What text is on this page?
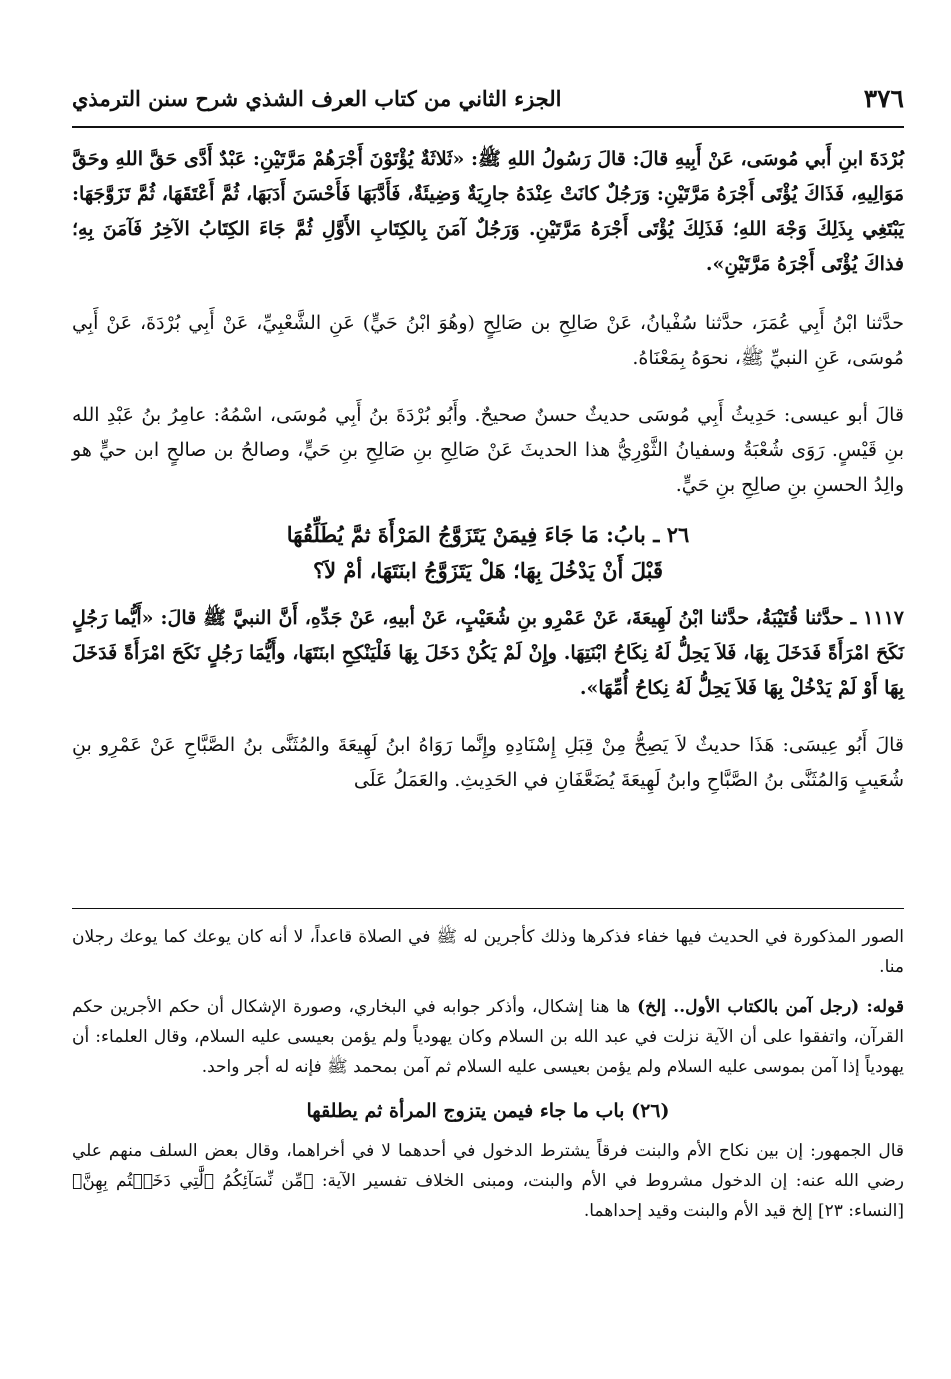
٣٧٦
الجزء الثاني من كتاب العرف الشذي شرح سنن الترمذي

بُرْدَةَ ابنِ أَبي مُوسَى، عَنْ أَبِيهِ قالَ: قالَ رَسُولُ اللهِ ﷺ: «ثَلاثَةٌ يُؤْتَوْنَ أَجْرَهُمْ مَرَّتَيْنِ: عَبْدٌ أَدَّى حَقَّ اللهِ وحَقَّ مَوَالِيهِ، فَذَاكَ يُؤْتَى أَجْرَهُ مَرَّتَيْنِ: وَرَجُلٌ كانَتْ عِنْدَهُ جارِيَةٌ وَضِيئَةٌ، فَأَدَّبَهَا فَأَحْسَنَ أَدَبَهَا، ثُمَّ أَعْتَقَهَا، ثُمَّ تَزَوَّجَهَا: يَبْتَغِي بِذَلِكَ وَجْهَ اللهِ؛ فَذَلِكَ يُؤْتَى أَجْرَهُ مَرَّتَيْنِ. وَرَجُلٌ آمَنَ بِالكِتَابِ الأَوَّلِ ثُمَّ جَاءَ الكِتَابُ الآخِرُ فَآمَنَ بِهِ؛ فذاكَ يُؤْتَى أَجْرَهُ مَرَّتَيْنِ».

حدَّثنا ابْنُ أَبِي عُمَرَ، حدَّثنا سُفْيانُ، عَنْ صَالِحِ بن صَالِحٍ (وهُوَ ابْنُ حَيٍّ) عَنِ الشَّعْبِيِّ، عَنْ أَبِي بُرْدَةَ، عَنْ أَبِي مُوسَى، عَنِ النبيِّ ﷺ، نحوَهُ بِمَعْنَاهُ.

قالَ أبو عيسى: حَدِيثُ أَبِي مُوسَى حديثٌ حسنٌ صحيحٌ. وأَبُو بُرْدَةَ بنُ أَبِي مُوسَى، اسْمُهُ: عامِرُ بنُ عَبْدِ الله بنِ قَيْسٍ. رَوَى شُعْبَةُ وسفيانُ الثَّوْرِيُّ هذا الحديثَ عَنْ صَالِحِ بنِ صَالِحِ بنِ حَيٍّ، وصالحُ بن صالحٍ ابن حيٍّ هو والِدُ الحسنِ بنِ صالِحِ بنِ حَيٍّ.

٢٦ ـ بابُ: مَا جَاءَ فِيمَنْ يَتَزَوَّجُ المَرْأَةَ ثمَّ يُطَلِّقُهَا
قَبْلَ أَنْ يَدْخُلَ بِهَا؛ هَلْ يَتَزَوَّجُ ابنَتَهَا، أمْ لاَ؟

١١١٧ ـ حدَّثنا قُتَيْبَةُ، حدَّثنا ابْنُ لَهِيعَةَ، عَنْ عَمْرِو بنِ شُعَيْبٍ، عَنْ أبيهِ، عَنْ جَدِّهِ، أَنَّ النبيَّ ﷺ قالَ: «أَيُّما رَجُلٍ نَكَحَ امْرَأَةً فَدَخَلَ بِهَا، فَلاَ يَحِلُّ لَهُ نِكَاحُ ابْنَتِهَا. وإِنْ لَمْ يَكُنْ دَخَلَ بِهَا فَلْيَنْكِحِ ابنَتَهَا، وأَيُّمَا رَجُلٍ نَكَحَ امْرَأَةً فَدَخَلَ بِهَا أَوْ لَمْ يَدْخُلْ بِهَا فَلاَ يَحِلُّ لَهُ نِكاحُ أُمِّهَا».

قالَ أَبُو عِيسَى: هَذَا حديثٌ لاَ يَصِحُّ مِنْ قِبَلِ إِسْنَادِهِ وإِنَّما رَوَاهُ ابنُ لَهِيعَةَ والمُثَنَّى بنُ الصَّبَّاحِ عَنْ عَمْرِو بنِ شُعَيبٍ وَالمُثَنَّى بنُ الصَّبَّاحِ وابنُ لَهِيعَةَ يُضَعَّفَانِ في الحَدِيثِ. والعَمَلُ عَلَى

الصور المذكورة في الحديث فيها خفاء فذكرها وذلك كأجرين له ﷺ في الصلاة قاعداً، لا أنه كان يوعك كما يوعك رجلان منا.

قوله: (رجل آمن بالكتاب الأول.. إلخ) ها هنا إشكال، وأذكر جوابه في البخاري، وصورة الإشكال أن حكم الأجرين حكم القرآن، واتفقوا على أن الآية نزلت في عبد الله بن السلام وكان يهودياً ولم يؤمن بعيسى عليه السلام، وقال العلماء: أن يهودياً إذا آمن بموسى عليه السلام ولم يؤمن بعيسى عليه السلام ثم آمن بمحمد ﷺ فإنه له أجر واحد.

(٢٦) باب ما جاء فيمن يتزوج المرأة ثم يطلقها

قال الجمهور: إن بين نكاح الأم والبنت فرقاً يشترط الدخول في أحدهما لا في أخراهما، وقال بعض السلف منهم علي رضي الله عنه: إن الدخول مشروط في الأم والبنت، ومبنى الخلاف تفسير الآية: ﴿مِّن نِّسَآئِكُمُ ٱلَّٰتِي دَخَلۡتُم بِهِنَّ﴾ [النساء: ٢٣] إلخ قيد الأم والبنت وقيد إحداهما.
